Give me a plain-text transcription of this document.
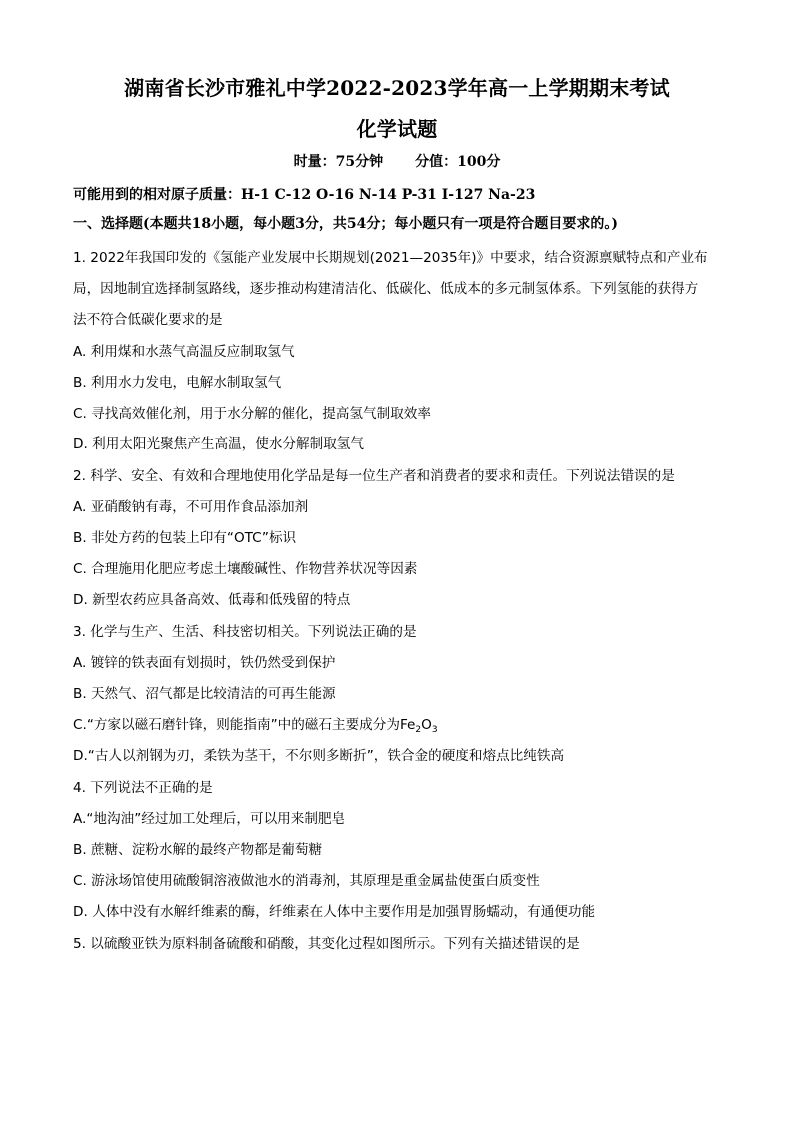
湖南省长沙市雅礼中学2022-2023学年高一上学期期末考试
化学试题
时量：75分钟 分值：100分
可能用到的相对原子质量：H-1 C-12 O-16 N-14 P-31 I-127 Na-23
一、选择题(本题共18小题，每小题3分，共54分；每小题只有一项是符合题目要求的。)
1. 2022年我国印发的《氢能产业发展中长期规划(2021—2035年)》中要求，结合资源禀赋特点和产业布
局，因地制宜选择制氢路线，逐步推动构建清洁化、低碳化、低成本的多元制氢体系。下列氢能的获得方
法不符合低碳化要求的是
A. 利用煤和水蒸气高温反应制取氢气
B. 利用水力发电，电解水制取氢气
C. 寻找高效催化剂，用于水分解的催化，提高氢气制取效率
D. 利用太阳光聚焦产生高温，使水分解制取氢气
2. 科学、安全、有效和合理地使用化学品是每一位生产者和消费者的要求和责任。下列说法错误的是
A. 亚硝酸钠有毒，不可用作食品添加剂
B. 非处方药的包装上印有“OTC”标识
C. 合理施用化肥应考虑土壤酸碱性、作物营养状况等因素
D. 新型农药应具备高效、低毒和低残留的特点
3. 化学与生产、生活、科技密切相关。下列说法正确的是
A. 镀锌的铁表面有划损时，铁仍然受到保护
B. 天然气、沼气都是比较清洁的可再生能源
C.“方家以磁石磨针锋，则能指南”中的磁石主要成分为$Fe_2O_3$
D.“古人以剂钢为刃，柔铁为茎干，不尔则多断折”，铁合金的硬度和熔点比纯铁高
4. 下列说法不正确的是
A.“地沟油”经过加工处理后，可以用来制肥皂
B. 蔗糖、淀粉水解的最终产物都是葡萄糖
C. 游泳场馆使用硫酸铜溶液做池水的消毒剂，其原理是重金属盐使蛋白质变性
D. 人体中没有水解纤维素的酶，纤维素在人体中主要作用是加强胃肠蠕动，有通便功能
5. 以硫酸亚铁为原料制备硫酸和硝酸，其变化过程如图所示。下列有关描述错误的是
